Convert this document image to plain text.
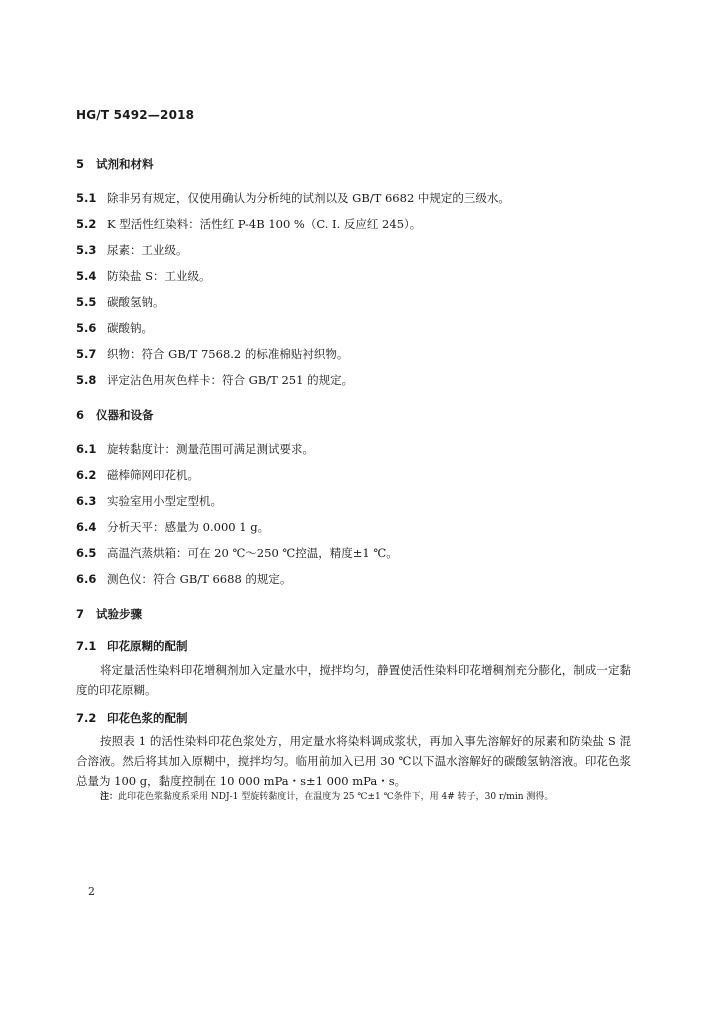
HG/T 5492—2018
5 试剂和材料
5.1 除非另有规定，仅使用确认为分析纯的试剂以及 GB/T 6682 中规定的三级水。
5.2 K 型活性红染料：活性红 P-4B 100 %（C. I. 反应红 245）。
5.3 尿素：工业级。
5.4 防染盐 S：工业级。
5.5 碳酸氢钠。
5.6 碳酸钠。
5.7 织物：符合 GB/T 7568.2 的标准棉贴衬织物。
5.8 评定沾色用灰色样卡：符合 GB/T 251 的规定。
6 仪器和设备
6.1 旋转黏度计：测量范围可满足测试要求。
6.2 磁棒筛网印花机。
6.3 实验室用小型定型机。
6.4 分析天平：感量为 0.000 1 g。
6.5 高温汽蒸烘箱：可在 20 ℃～250 ℃控温，精度±1 ℃。
6.6 测色仪：符合 GB/T 6688 的规定。
7 试验步骤
7.1 印花原糊的配制
将定量活性染料印花增稠剂加入定量水中，搅拌均匀，静置使活性染料印花增稠剂充分膨化，制成一定黏度的印花原糊。
7.2 印花色浆的配制
按照表 1 的活性染料印花色浆处方，用定量水将染料调成浆状，再加入事先溶解好的尿素和防染盐 S 混合溶液。然后将其加入原糊中，搅拌均匀。临用前加入已用 30 ℃以下温水溶解好的碳酸氢钠溶液。印花色浆总量为 100 g，黏度控制在 10 000 mPa・s±1 000 mPa・s。
注：此印花色浆黏度系采用 NDJ-1 型旋转黏度计，在温度为 25 ℃±1 ℃条件下，用 4# 转子，30 r/min 测得。
2
